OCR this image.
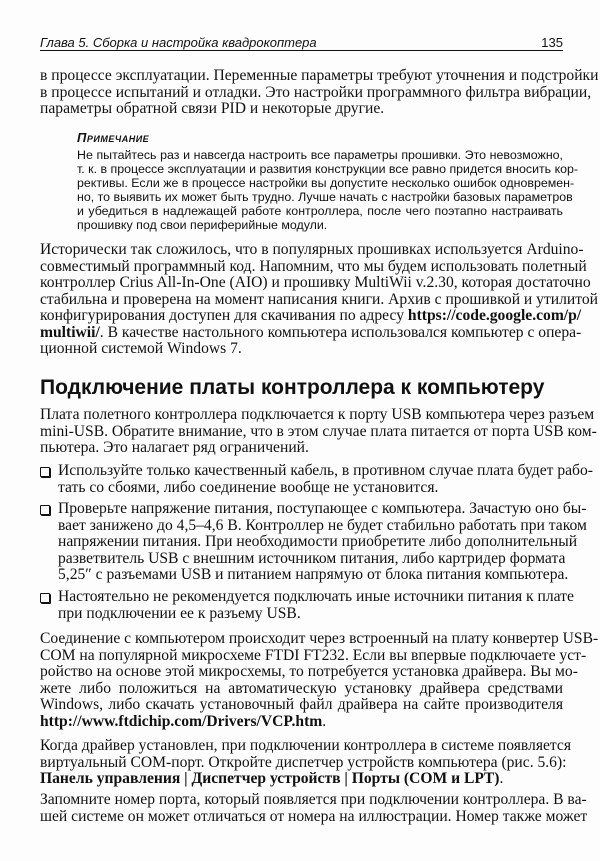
Глава 5. Сборка и настройка квадрокоптера	135
в процессе эксплуатации. Переменные параметры требуют уточнения и подстройки
в процессе испытаний и отладки. Это настройки программного фильтра вибрации,
параметры обратной связи PID и некоторые другие.
Примечание
Не пытайтесь раз и навсегда настроить все параметры прошивки. Это невозможно,
т. к. в процессе эксплуатации и развития конструкции все равно придется вносить кор-
рективы. Если же в процессе настройки вы допустите несколько ошибок одновремен-
но, то выявить их может быть трудно. Лучше начать с настройки базовых параметров
и убедиться в надлежащей работе контроллера, после чего поэтапно настраивать
прошивку под свои периферийные модули.
Исторически так сложилось, что в популярных прошивках используется Arduino-
совместимый программный код. Напомним, что мы будем использовать полетный
контроллер Crius All-In-One (AIO) и прошивку MultiWii v.2.30, которая достаточно
стабильна и проверена на момент написания книги. Архив с прошивкой и утилитой
конфигурирования доступен для скачивания по адресу https://code.google.com/p/
multiwii/. В качестве настольного компьютера использовался компьютер с опера-
ционной системой Windows 7.
Подключение платы контроллера к компьютеру
Плата полетного контроллера подключается к порту USB компьютера через разъем
mini-USB. Обратите внимание, что в этом случае плата питается от порта USB ком-
пьютера. Это налагает ряд ограничений.
Используйте только качественный кабель, в противном случае плата будет рабо-
тать со сбоями, либо соединение вообще не установится.
Проверьте напряжение питания, поступающее с компьютера. Зачастую оно бы-
вает занижено до 4,5–4,6 В. Контроллер не будет стабильно работать при таком
напряжении питания. При необходимости приобретите либо дополнительный
разветвитель USB с внешним источником питания, либо картридер формата
5,25″ с разъемами USB и питанием напрямую от блока питания компьютера.
Настоятельно не рекомендуется подключать иные источники питания к плате
при подключении ее к разъему USB.
Соединение с компьютером происходит через встроенный на плату конвертер USB-
COM на популярной микросхеме FTDI FT232. Если вы впервые подключаете уст-
ройство на основе этой микросхемы, то потребуется установка драйвера. Вы мо-
жете либо положиться на автоматическую установку драйвера средствами
Windows, либо скачать установочный файл драйвера на сайте производителя
http://www.ftdichip.com/Drivers/VCP.htm.
Когда драйвер установлен, при подключении контроллера в системе появляется
виртуальный COM-порт. Откройте диспетчер устройств компьютера (рис. 5.6):
Панель управления | Диспетчер устройств | Порты (COM и LPT).
Запомните номер порта, который появляется при подключении контроллера. В ва-
шей системе он может отличаться от номера на иллюстрации. Номер также может
